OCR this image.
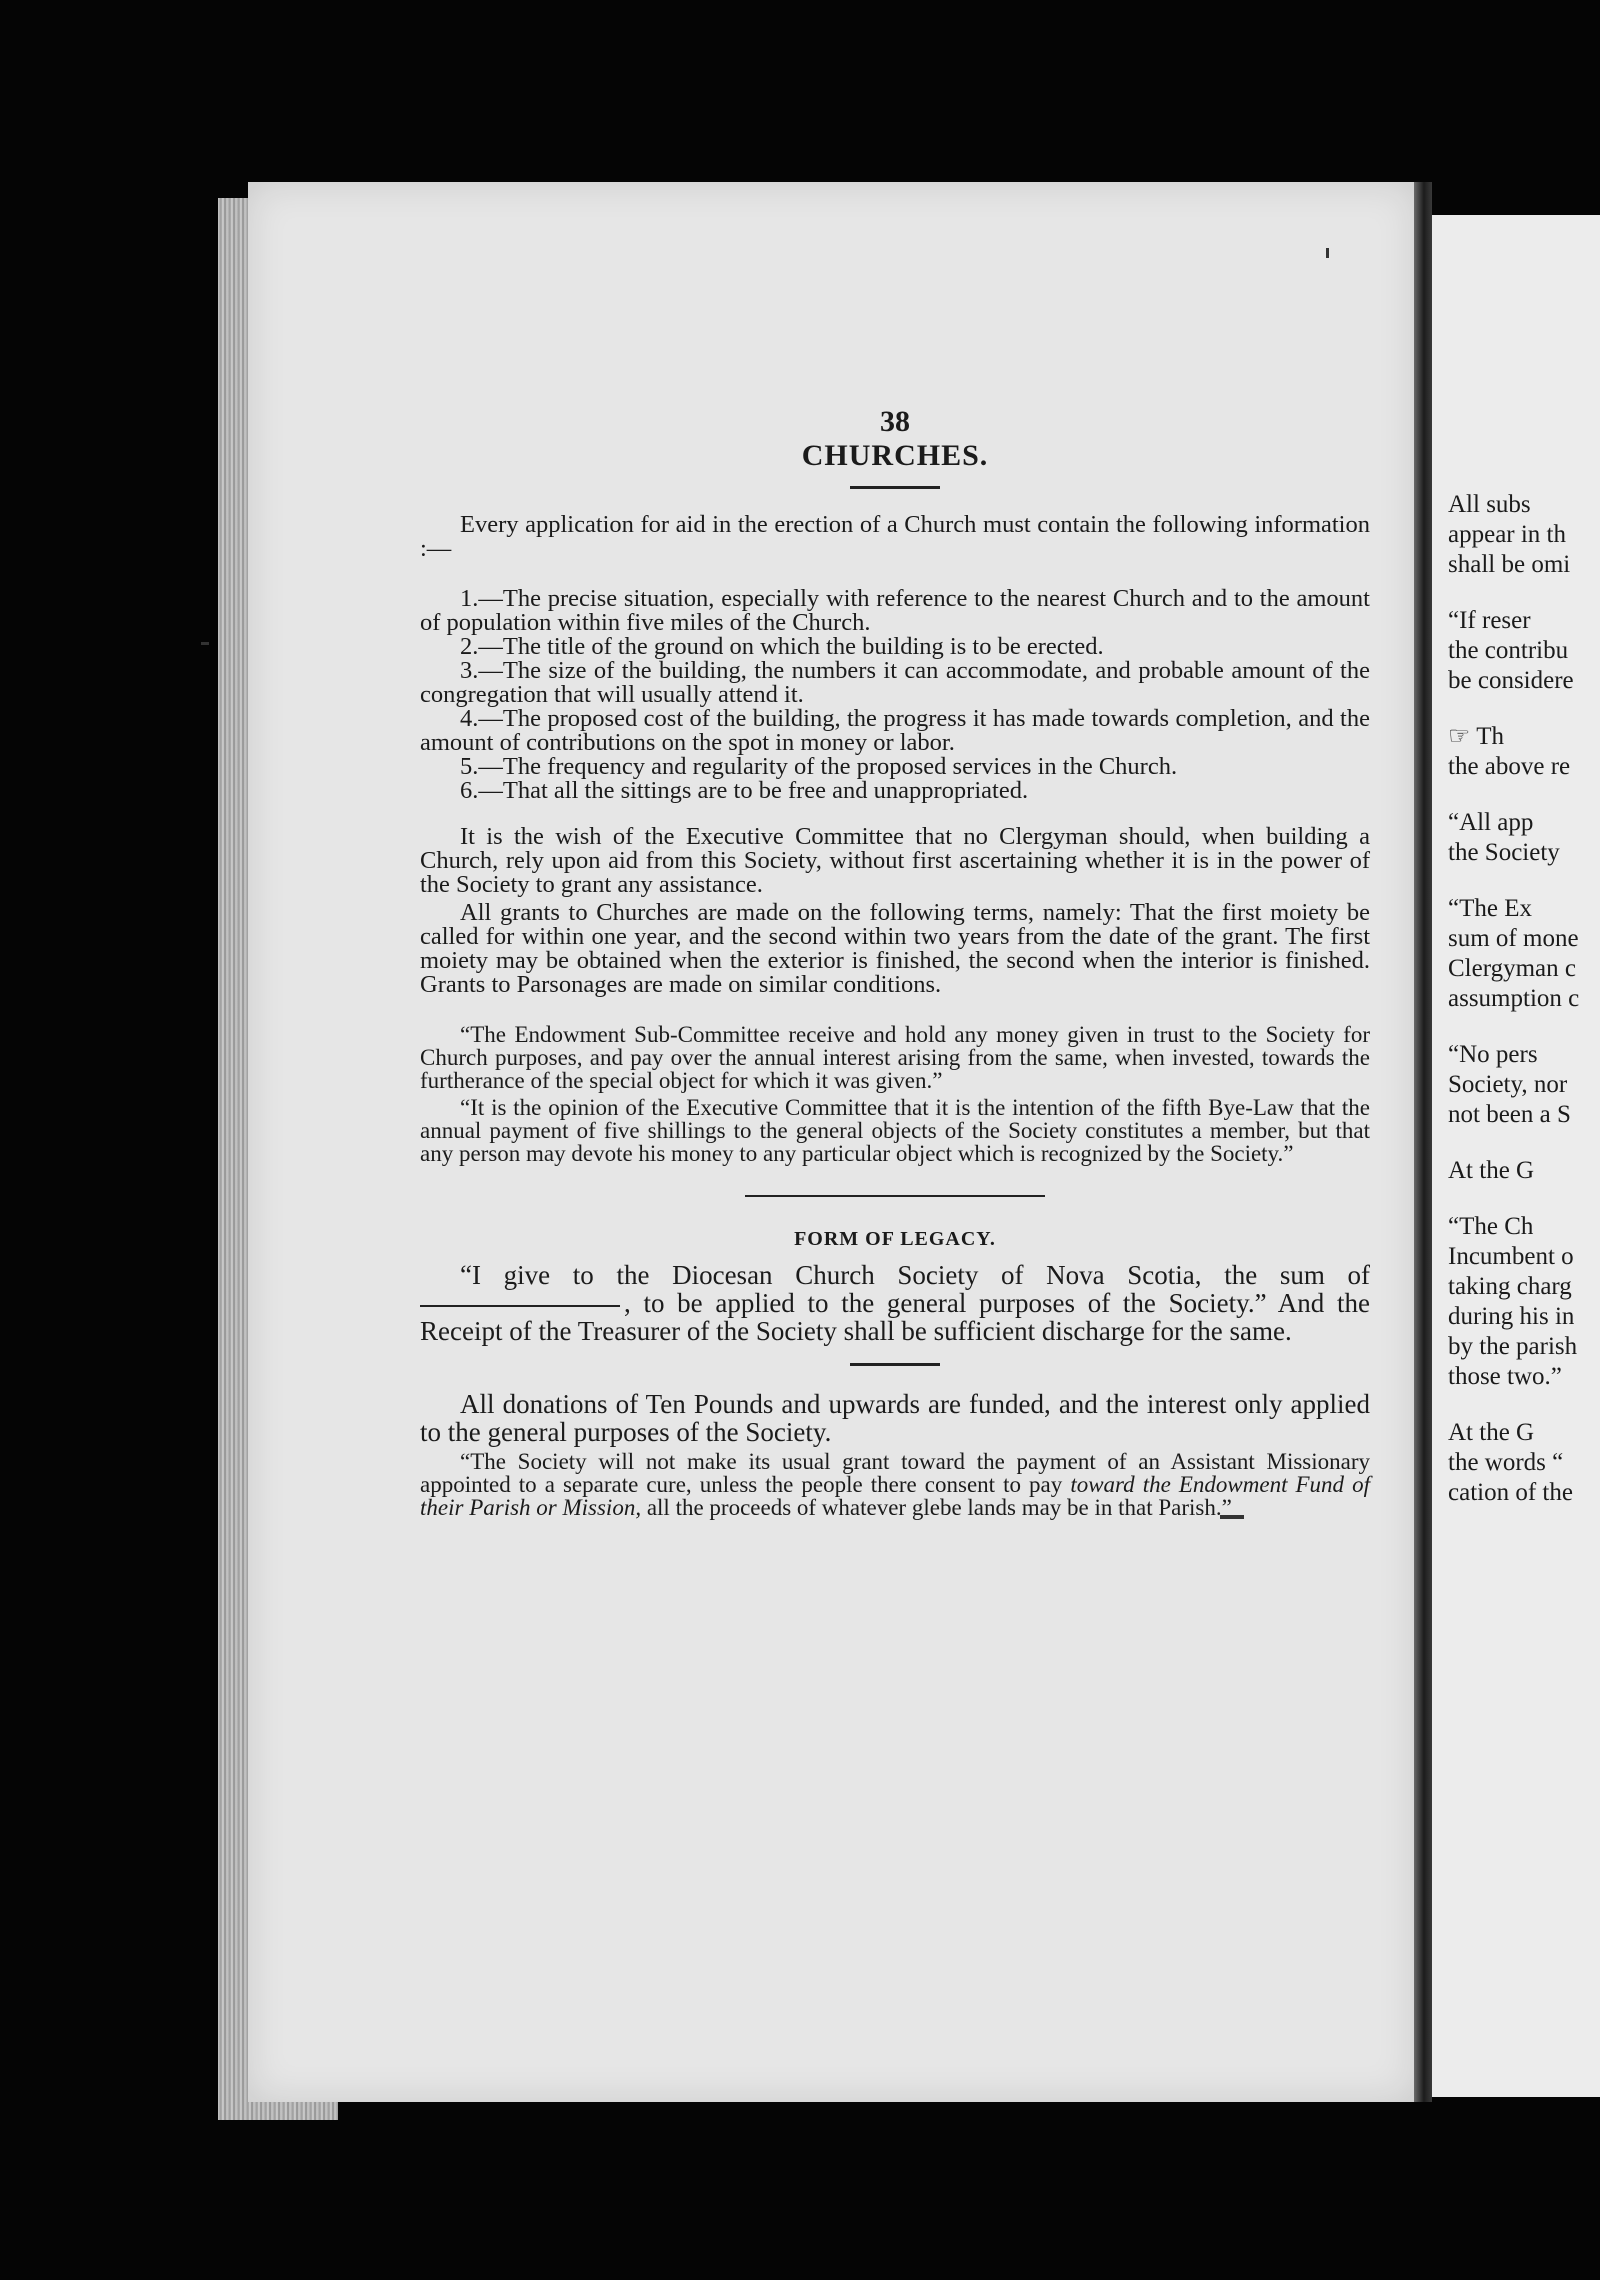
38
CHURCHES.

Every application for aid in the erection of a Church must contain the following information :—

1.—The precise situation, especially with reference to the nearest Church and to the amount of population within five miles of the Church.
2.—The title of the ground on which the building is to be erected.
3.—The size of the building, the numbers it can accommodate, and probable amount of the congregation that will usually attend it.
4.—The proposed cost of the building, the progress it has made towards completion, and the amount of contributions on the spot in money or labor.
5.—The frequency and regularity of the proposed services in the Church.
6.—That all the sittings are to be free and unappropriated.

It is the wish of the Executive Committee that no Clergyman should, when building a Church, rely upon aid from this Society, without first ascertaining whether it is in the power of the Society to grant any assistance.

All grants to Churches are made on the following terms, namely: That the first moiety be called for within one year, and the second within two years from the date of the grant. The first moiety may be obtained when the exterior is finished, the second when the interior is finished. Grants to Parsonages are made on similar conditions.

“The Endowment Sub-Committee receive and hold any money given in trust to the Society for Church purposes, and pay over the annual interest arising from the same, when invested, towards the furtherance of the special object for which it was given.”

“It is the opinion of the Executive Committee that it is the intention of the fifth Bye-Law that the annual payment of five shillings to the general objects of the Society constitutes a member, but that any person may devote his money to any particular object which is recognized by the Society.”

FORM OF LEGACY.

“I give to the Diocesan Church Society of Nova Scotia, the sum of , to be applied to the general purposes of the Society.” And the Receipt of the Treasurer of the Society shall be sufficient discharge for the same.

All donations of Ten Pounds and upwards are funded, and the interest only applied to the general purposes of the Society.

“The Society will not make its usual grant toward the payment of an Assistant Missionary appointed to a separate cure, unless the people there consent to pay toward the Endowment Fund of their Parish or Mission, all the proceeds of whatever glebe lands may be in that Parish.”

All subs
appear in th
shall be omi
“If reser
the contribu
be considere
☞ Th
the above re
“All app
the Society
“The Ex
sum of mone
Clergyman c
assumption c
“No pers
Society, nor
not been a S
At the G
“The Ch
Incumbent o
taking charg
during his in
by the parish
those two.”
At the G
the words “
cation of the
